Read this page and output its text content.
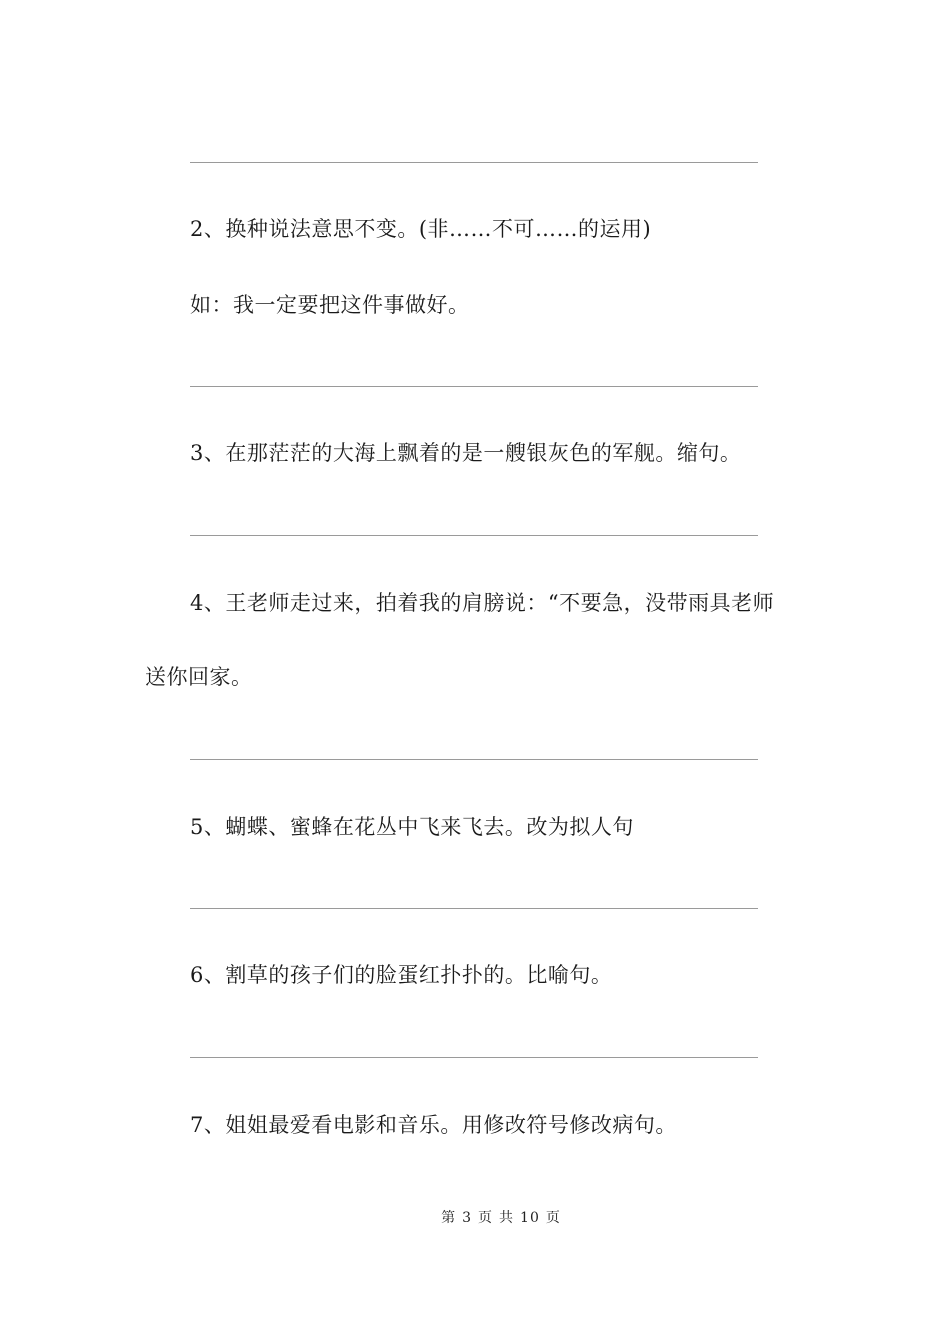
2、换种说法意思不变。(非……不可……的运用)
如：我一定要把这件事做好。
3、在那茫茫的大海上飘着的是一艘银灰色的军舰。缩句。
4、王老师走过来，拍着我的肩膀说：“不要急，没带雨具老师
送你回家。
5、蝴蝶、蜜蜂在花丛中飞来飞去。改为拟人句
6、割草的孩子们的脸蛋红扑扑的。比喻句。
7、姐姐最爱看电影和音乐。用修改符号修改病句。
第 3 页 共 10 页
